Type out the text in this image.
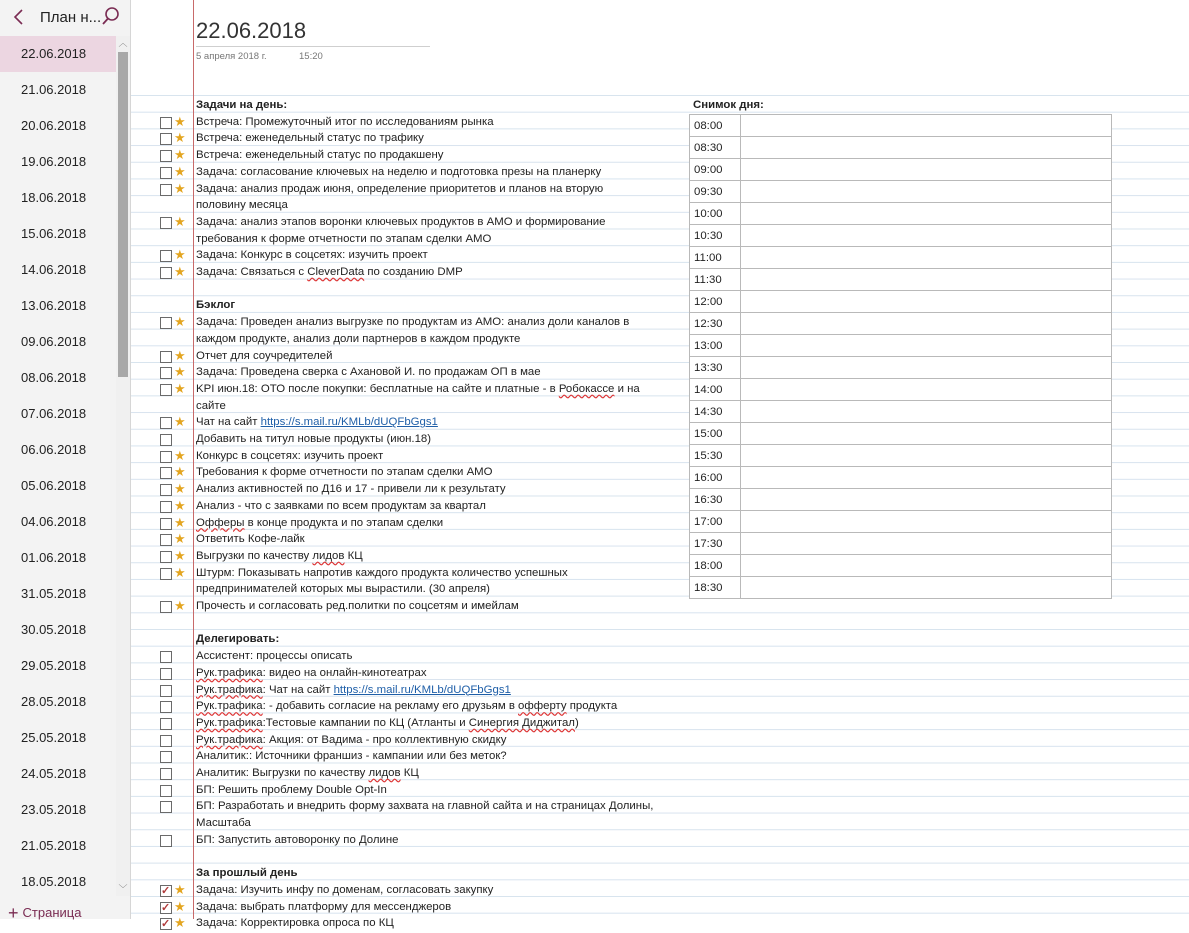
План н...
22.06.2018
21.06.2018
20.06.2018
19.06.2018
18.06.2018
15.06.2018
14.06.2018
13.06.2018
09.06.2018
08.06.2018
07.06.2018
06.06.2018
05.06.2018
04.06.2018
01.06.2018
31.05.2018
30.05.2018
29.05.2018
28.05.2018
25.05.2018
24.05.2018
23.05.2018
21.05.2018
18.05.2018
︿
﹀
+ Страница
22.06.2018
5 апреля 2018 г.	15:20
Задачи на день:
★ Встреча: Промежуточный итог по исследованиям рынка
★ Встреча: еженедельный статус по трафику
★ Встреча: еженедельный статус по продакшену
★ Задача: согласование ключевых на неделю и подготовка презы на планерку
★ Задача: анализ продаж июня, определение приоритетов и планов на вторую половину месяца
★ Задача: анализ этапов воронки ключевых продуктов в АМО и формирование требования к форме отчетности по этапам сделки АМО
★ Задача: Конкурс в соцсетях: изучить проект
★ Задача: Связаться с CleverData по созданию DMP
Бэклог
★ Задача: Проведен анализ выгрузке по продуктам из АМО: анализ доли каналов в каждом продукте, анализ доли партнеров в каждом продукте
★ Отчет для соучредителей
★ Задача: Проведена сверка с Ахановой И. по продажам ОП в мае
★ KPI июн.18: ОТО после покупки: бесплатные на сайте и платные - в Робокассе и на сайте
★ Чат на сайт https://s.mail.ru/KMLb/dUQFbGgs1
Добавить на титул новые продукты (июн.18)
★ Конкурс в соцсетях: изучить проект
★ Требования к форме отчетности по этапам сделки АМО
★ Анализ активностей по Д16 и 17 - привели ли к результату
★ Анализ - что с заявками по всем продуктам за квартал
★ Офферы в конце продукта и по этапам сделки
★ Ответить Кофе-лайк
★ Выгрузки по качеству лидов КЦ
★ Штурм: Показывать напротив каждого продукта количество успешных предпринимателей которых мы вырастили. (30 апреля)
★ Прочесть и согласовать ред.политки по соцсетям и имейлам
Делегировать:
Ассистент: процессы описать
Рук.трафика: видео на онлайн-кинотеатрах
Рук.трафика: Чат на сайт https://s.mail.ru/KMLb/dUQFbGgs1
Рук.трафика: - добавить согласие на рекламу его друзьям в офферту продукта
Рук.трафика:Тестовые кампании по КЦ (Атланты и Синергия Диджитал)
Рук.трафика: Акция: от Вадима - про коллективную скидку
Аналитик:: Источники франшиз - кампании или без меток?
Аналитик: Выгрузки по качеству лидов КЦ
БП: Решить проблему Double Opt-In
БП: Разработать и внедрить форму захвата на главной сайта и на страницах Долины, Масштаба
БП: Запустить автоворонку по Долине
За прошлый день
✓
★ Задача: Изучить инфу по доменам, согласовать закупку
✓
★ Задача: выбрать платформу для мессенджеров
✓
★ Задача: Корректировка опроса по КЦ
Снимок дня:
08:00	
08:30	
09:00	
09:30	
10:00	
10:30	
11:00	
11:30	
12:00	
12:30	
13:00	
13:30	
14:00	
14:30	
15:00	
15:30	
16:00	
16:30	
17:00	
17:30	
18:00	
18:30	
